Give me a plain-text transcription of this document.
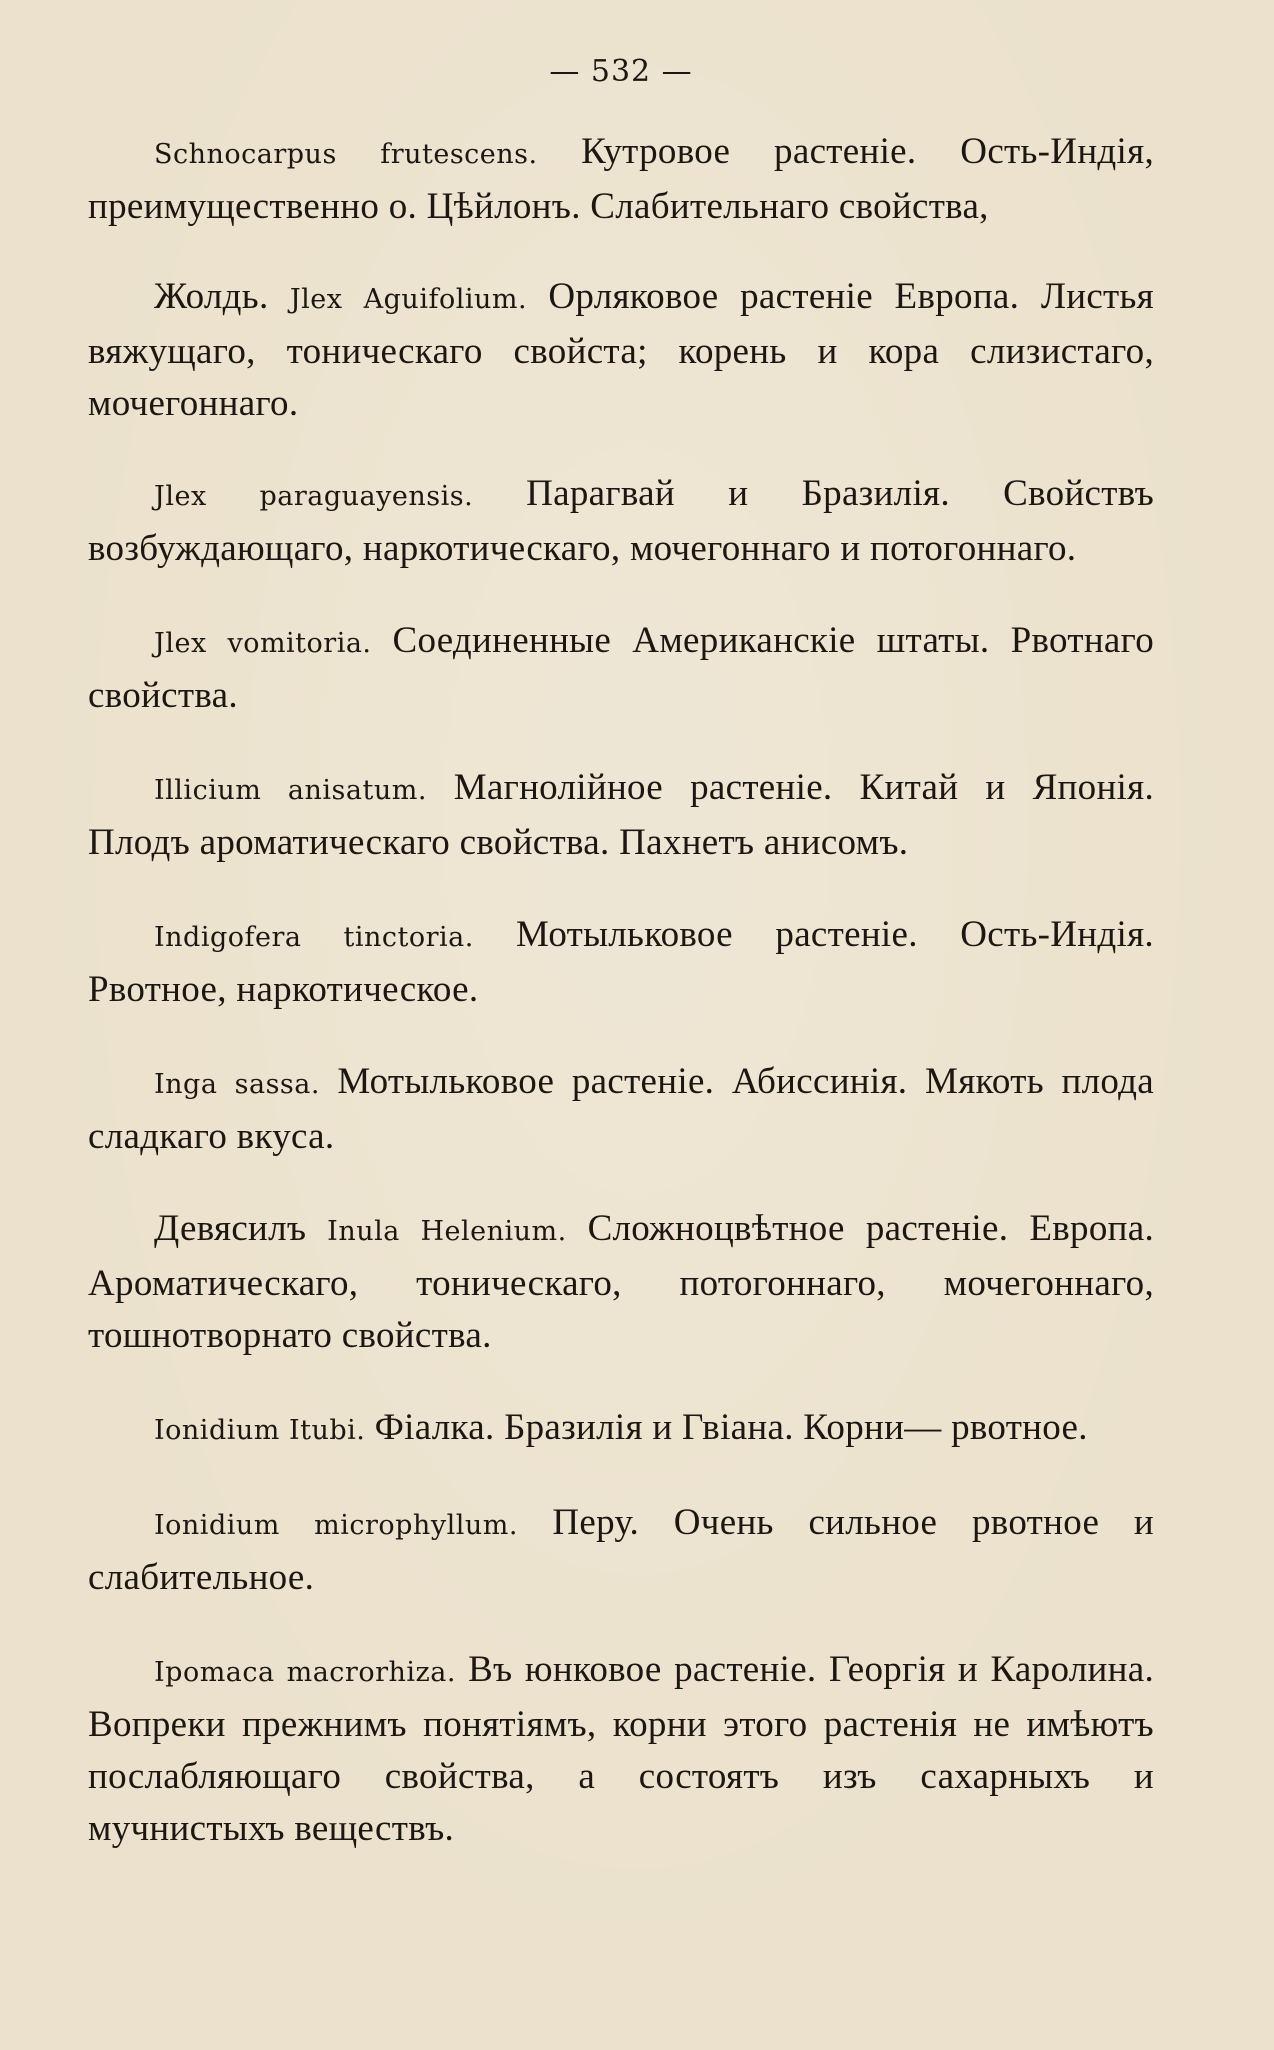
— 532 —

Schnocarpus frutescens. Кутровое растеніе. Ость-Индія, преимущественно о. Цѣйлонъ. Слабительнаго свойства,

Жолдь. Jlex Aguifolium. Орляковое растеніе Европа. Листья вяжущаго, тоническаго свойста; корень и кора слизистаго, мочегоннаго.

Jlex paraguayensis. Парагвай и Бразилія. Свойствъ возбуждающаго, наркотическаго, мочегоннаго и потогоннаго.

Jlex vomitoria. Соединенные Американскіе штаты. Рвотнаго свойства.

Illicium anisatum. Магнолійное растеніе. Китай и Японія. Плодъ ароматическаго свойства. Пахнетъ анисомъ.

Indigofera tinctoria. Мотыльковое растеніе. Ость-Индія. Рвотное, наркотическое.

Inga sassa. Мотыльковое растеніе. Абиссинія. Мякоть плода сладкаго вкуса.

Девясилъ Inula Helenium. Сложноцвѣтное растеніе. Европа. Ароматическаго, тоническаго, потогоннаго, мочегоннаго, тошнотворнато свойства.

Ionidium Itubi. Фіалка. Бразилія и Гвіана. Корни— рвотное.

Ionidium microphyllum. Перу. Очень сильное рвотное и слабительное.

Ipomaca macrorhiza. Въ юнковое растеніе. Георгія и Каролина. Вопреки прежнимъ понятіямъ, корни этого растенія не имѣютъ послабляющаго свойства, а состоятъ изъ сахарныхъ и мучнистыхъ веществъ.
